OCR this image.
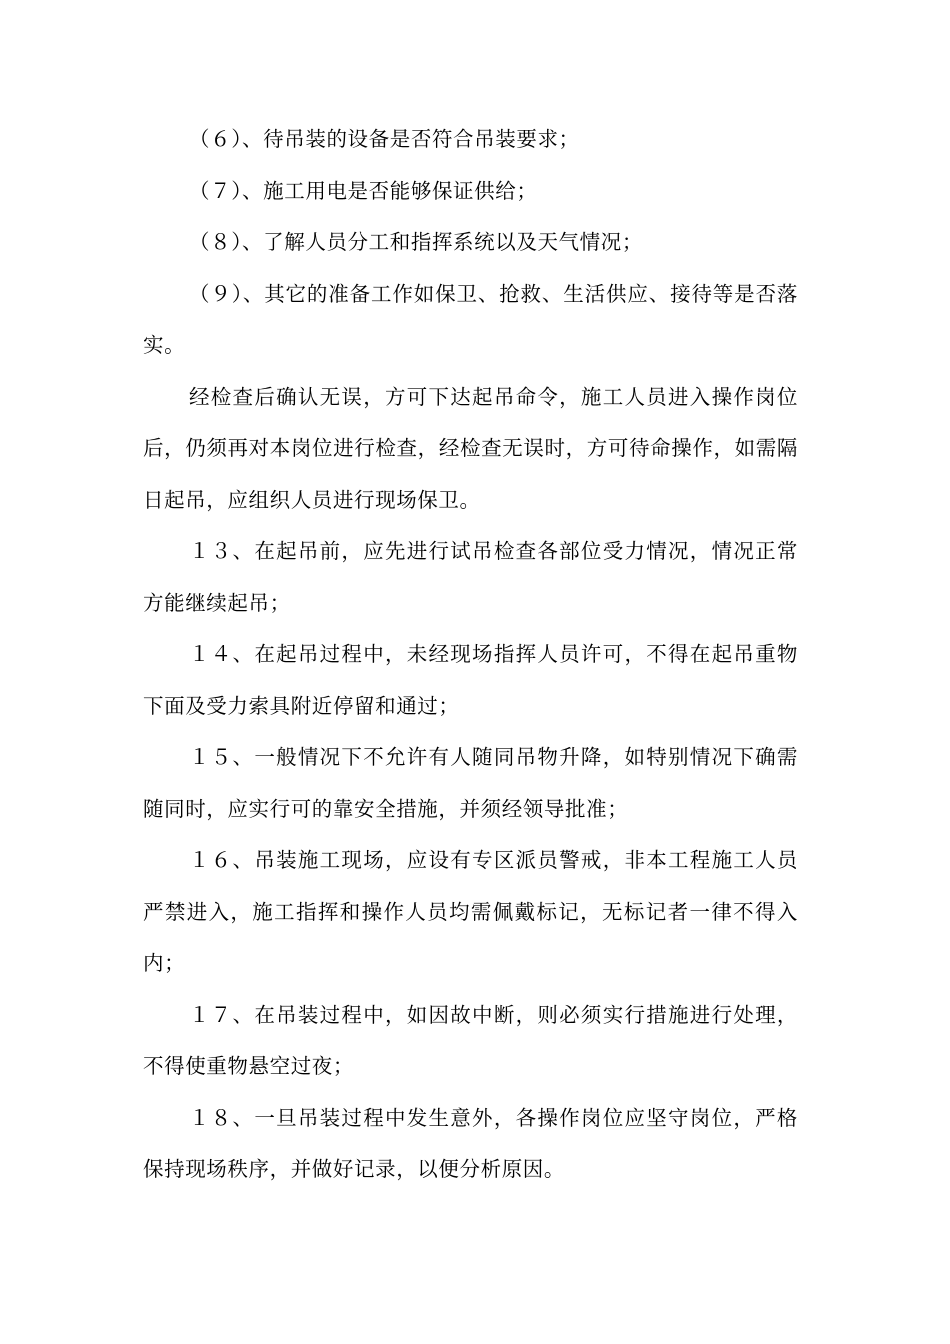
（６）、待吊装的设备是否符合吊装要求；

（７）、施工用电是否能够保证供给；

（８）、了解人员分工和指挥系统以及天气情况；

（９）、其它的准备工作如保卫、抢救、生活供应、接待等是否落实。

经检查后确认无误，方可下达起吊命令，施工人员进入操作岗位后，仍须再对本岗位进行检查，经检查无误时，方可待命操作，如需隔日起吊，应组织人员进行现场保卫。

１３、在起吊前，应先进行试吊检查各部位受力情况，情况正常方能继续起吊；

１４、在起吊过程中，未经现场指挥人员许可，不得在起吊重物下面及受力索具附近停留和通过；

１５、一般情况下不允许有人随同吊物升降，如特别情况下确需随同时，应实行可的靠安全措施，并须经领导批准；

１６、吊装施工现场，应设有专区派员警戒，非本工程施工人员严禁进入，施工指挥和操作人员均需佩戴标记，无标记者一律不得入内；

１７、在吊装过程中，如因故中断，则必须实行措施进行处理，不得使重物悬空过夜；

１８、一旦吊装过程中发生意外，各操作岗位应坚守岗位，严格保持现场秩序，并做好记录，以便分析原因。
